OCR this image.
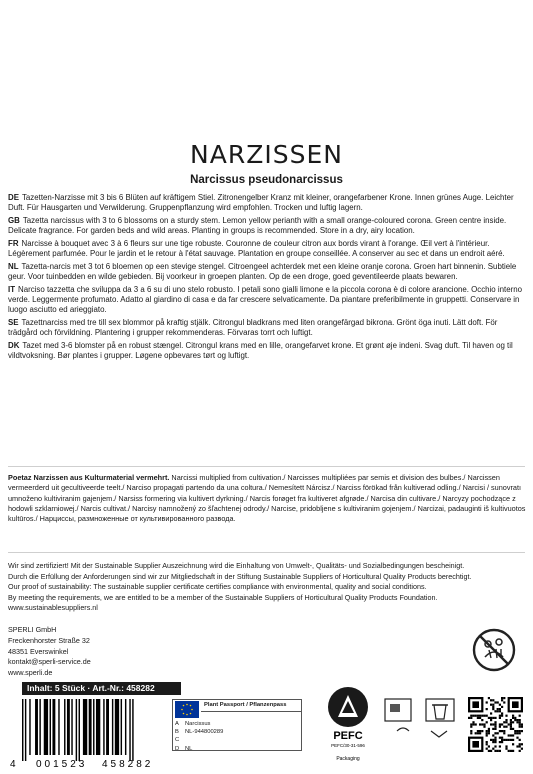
NARZISSEN
Narcissus pseudonarcissus
DE Tazetten-Narzisse mit 3 bis 6 Blüten auf kräftigem Stiel. Zitronengelber Kranz mit kleiner, orangefarbener Krone. Innen grünes Auge. Leichter Duft. Für Hausgarten und Verwilderung. Gruppenpflanzung wird empfohlen. Trocken und luftig lagern.
GB Tazetta narcissus with 3 to 6 blossoms on a sturdy stem. Lemon yellow perianth with a small orange-coloured corona. Green centre inside. Delicate fragrance. For garden beds and wild areas. Planting in groups is recommended. Store in a dry, airy location.
FR Narcisse à bouquet avec 3 à 6 fleurs sur une tige robuste. Couronne de couleur citron aux bords virant à l'orange. Œil vert à l'intérieur. Légèrement parfumée. Pour le jardin et le retour à l'état sauvage. Plantation en groupe conseillée. A conserver au sec et dans un endroit aéré.
NL Tazetta-narcis met 3 tot 6 bloemen op een stevige stengel. Citroengeel achterdek met een kleine oranje corona. Groen hart binnenin. Subtiele geur. Voor tuinbedden en wilde gebieden. Bij voorkeur in groepen planten. Op de een droge, goed geventileerde plaats bewaren.
IT Narciso tazzetta che sviluppa da 3 a 6 su di uno stelo robusto. I petali sono gialli limone e la piccola corona è di colore arancione. Occhio interno verde. Leggermente profumato. Adatto al giardino di casa e da far crescere selvaticamente. Da piantare preferibilmente in gruppetti. Conservare in luogo asciutto ed arieggiato.
SE Tazettnarciss med tre till sex blommor på kraftig stjälk. Citrongul bladkrans med liten orangefärgad bikrona. Grönt öga inuti. Lätt doft. För trädgård och förvildning. Plantering i grupper rekommenderas. Förvaras torrt och luftigt.
DK Tazet med 3-6 blomster på en robust stængel. Citrongul krans med en lille, orangefarvet krone. Et grønt øje indeni. Svag duft. Til haven og til vildtvoksning. Bør plantes i grupper. Løgene opbevares tørt og luftigt.
Poetaz Narzissen aus Kulturmaterial vermehrt. Narcissi multiplied from cultivation./ Narcisses multipliées par semis et division des bulbes./ Narcissen vermeerderd uit gecultiveerde teelt./ Narciso propagati partendo da una coltura./ Nemesített Nárcisz./ Narciss förökad från kultiverad odling./ Narcisi / sunovratı umnoženo kultiviranim gajenjem./ Narsiss formering via kultivert dyrkning./ Narcis forøget fra kultiveret afgrøde./ Narcisa din cultivare./ Narcyzy pochodzące z hodowli szklarniowej./ Narcis cultivat./ Narcisy namnožený zo šľachtenej odrody./ Narcise, pridobljene s kultiviranim gojenjem./ Narcizai, padauginti iš kultivuotos kultūros./ Нарциссы, размноженные от культивированного развода.
Wir sind zertifiziert! Mit der Sustainable Supplier Auszeichnung wird die Einhaltung von Umwelt-, Qualitäts- und Sozialbedingungen bescheinigt.
Durch die Erfüllung der Anforderungen sind wir zur Mitgliedschaft in der Stiftung Sustainable Suppliers of Horticultural Quality Products berechtigt.
Our proof of sustainability: The sustainable supplier certificate certifies compliance with environmental, quality and social conditions.
By meeting the requirements, we are entitled to be a member of the Sustainable Suppliers of Horticultural Quality Products Foundation.
www.sustainablesuppliers.nl
SPERLI GmbH
Freckenhorster Straße 32
48351 Everswinkel
kontakt@sperli-service.de
www.sperli.de
Inhalt: 5 Stück · Art.-Nr.: 458282
4 001523 458282
Plant Passport / Pflanzenpass
A Narcissus
B NL-944800289
C
D NL
PEFC
PEFC/30-31-596
Packaging
